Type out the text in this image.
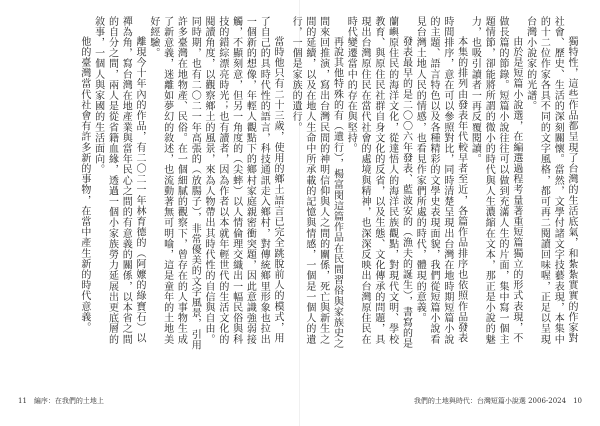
當時他只有二十三歲，使用的鄉土語言已完全跳脫前人的模式，用了自己的具時代性的語言，科技通訊走入鄉村，對傳統鄉里形象也拉出一個新的想像，年輕人觀點下的鄉村家庭親密衝突題，因此意識強弱接觸，不顯刻意，但另一角度的（尖蟀）以人情倫理交織出一幅民俗與科技的錯綜漂亮時光；也有讀者，因為作者以本就年輕世代的生活文化的閱讀角度，以觀察鄉土的風景，來為人物帶出其時代性的自信與自由。同時期，也有二〇二一年高張的（放腸子），非常優美的文字風景，引用許多臺灣在地物產、民俗。在一個細膩的觀察下，曾存在的人事物生成了新意義，迷離如夢幻的敘述，也流動著無可明喻，這是童年的土地美好經驗。

離現今十年內的作品，有二〇二一年林育德的（阿嬤的綠寶石）以禪為角，寫台灣在地產業與當年民心之間的有意義的關係，以本省之間的自分之間，兩人是從省籍血緣，透過一個小家族勞力延展出更底層的敘事，一個人與家國的生活面向。

他的臺灣當代社會有許多新的事物，在當中產生新的時代意義。

11　編序：在我們的土地上

獨特性，這些作品都呈現了台灣的生活底氣，和紮紮實實的作家對社會、歷史、生活的深刻關懷。當然，文學付諸文字技藝表現，本集中的十二位作家各具不同的文字風格，都可再二閱讀回味喔，正足以呈現台灣小說家的光譜。

由於是短篇小說選，在編選過程考量著重短篇獨立的形式表現，不做長篇的節錄。短篇小說往往可以做到充滿人生的片面，集中寫一個主題情節，卻能將所謂的微小的時代與人生濃縮在文本，那正是小說的魅力，也吸引讀者一再反覆閱讀。

本集的排列由發表年代較早者至近，各篇作品排序也依照作品發表時間排序，意在可以參照對比，同時清楚呈現出台灣在地時期短篇小說的主題、語言特色以及各種精彩的文學史表現面貌，我們從短篇小說看見台灣土地人民的情感，也看見作家們所處的時代，體現的意義。

發表最早的是二〇〇六年發表、藍波安的（漁夫的誕生），書寫的是蘭嶼原住民的海洋文化，從達悟人的海洋民族觀點，對現代文明、學校教育、與原住民社群自身文化的反省，以及生態、文化傳承的問題，具現出台灣原住民在當代社會的處境與精神，也深深反映出台灣原住民在時代變遷當中的存在與堅持。

再說其他特殊的有（遺行），楊富閔這篇作品在民間習俗與家族史之間來回推演，寫出台灣民間的神明信仰與人之間的關係，死亡與新生之間的延續，以及在地人生命中所承載的記憶與情感，一個是一個人的遺行，一個是家族的遺行。

我們的土地與時代：台灣短篇小說選 2006-2024　10
